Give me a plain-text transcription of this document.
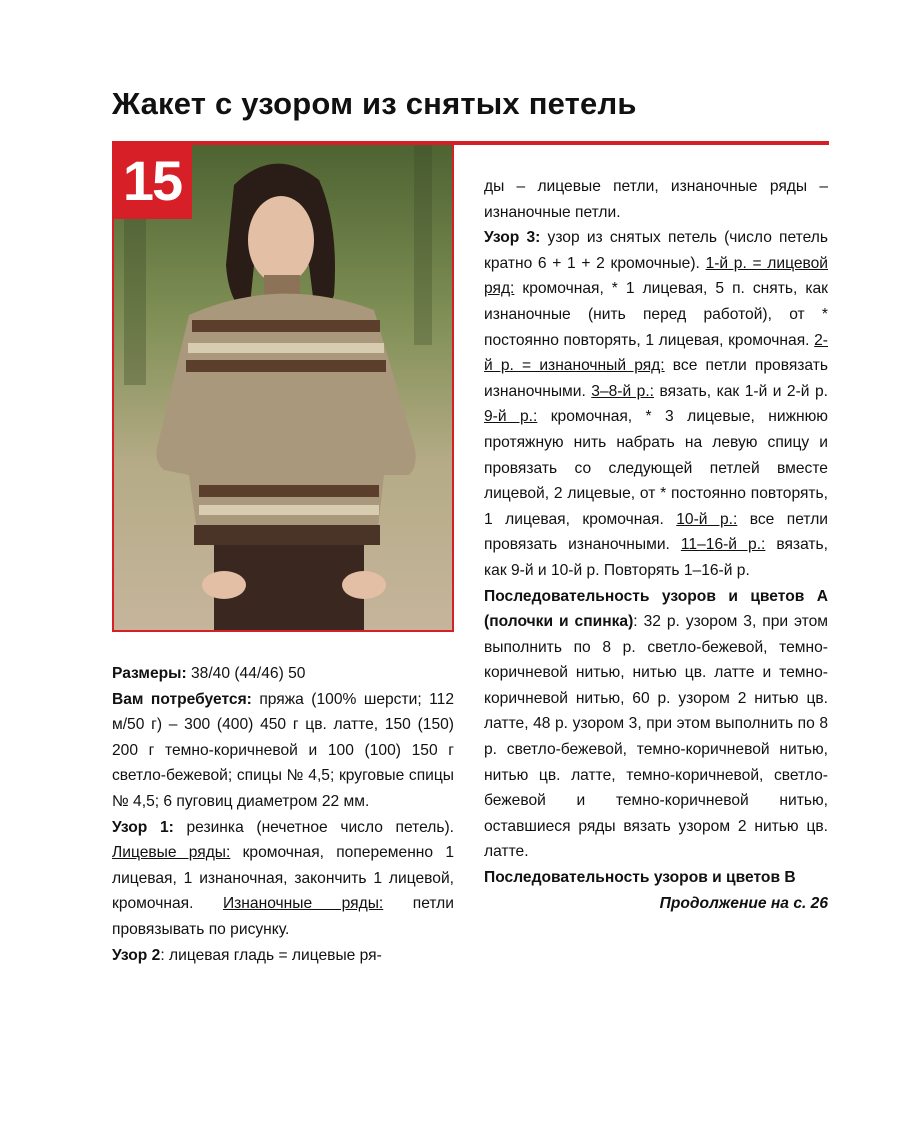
Жакет с узором из снятых петель
15

Размеры: 38/40 (44/46) 50

Вам потребуется: пряжа (100% шерсти; 112 м/50 г) – 300 (400) 450 г цв. латте, 150 (150) 200 г темно-коричневой и 100 (100) 150 г светло-бежевой; спицы № 4,5; круговые спицы № 4,5; 6 пуговиц диаметром 22 мм.

Узор 1: резинка (нечетное число петель). Лицевые ряды: кромочная, попеременно 1 лицевая, 1 изнаночная, закончить 1 лицевой, кромочная. Изнаночные ряды: петли провязывать по рисунку.

Узор 2: лицевая гладь = лицевые ря-

ды – лицевые петли, изнаночные ряды – изнаночные петли.

Узор 3: узор из снятых петель (число петель кратно 6 + 1 + 2 кромочные). 1-й р. = лицевой ряд: кромочная, * 1 лицевая, 5 п. снять, как изнаночные (нить перед работой), от * постоянно повторять, 1 лицевая, кромочная. 2-й р. = изнаночный ряд: все петли провязать изнаночными. 3–8-й р.: вязать, как 1-й и 2-й р. 9-й р.: кромочная, * 3 лицевые, нижнюю протяжную нить набрать на левую спицу и провязать со следующей петлей вместе лицевой, 2 лицевые, от * постоянно повторять, 1 лицевая, кромочная. 10-й р.: все петли провязать изнаночными. 11–16-й р.: вязать, как 9-й и 10-й р. Повторять 1–16-й р.

Последовательность узоров и цветов А (полочки и спинка): 32 р. узором 3, при этом выполнить по 8 р. светло-бежевой, темно-коричневой нитью, нитью цв. латте и темно-коричневой нитью, 60 р. узором 2 нитью цв. латте, 48 р. узором 3, при этом выполнить по 8 р. светло-бежевой, темно-коричневой нитью, нитью цв. латте, темно-коричневой, светло-бежевой и темно-коричневой нитью, оставшиеся ряды вязать узором 2 нитью цв. латте.

Последовательность узоров и цветов В

Продолжение на с. 26
